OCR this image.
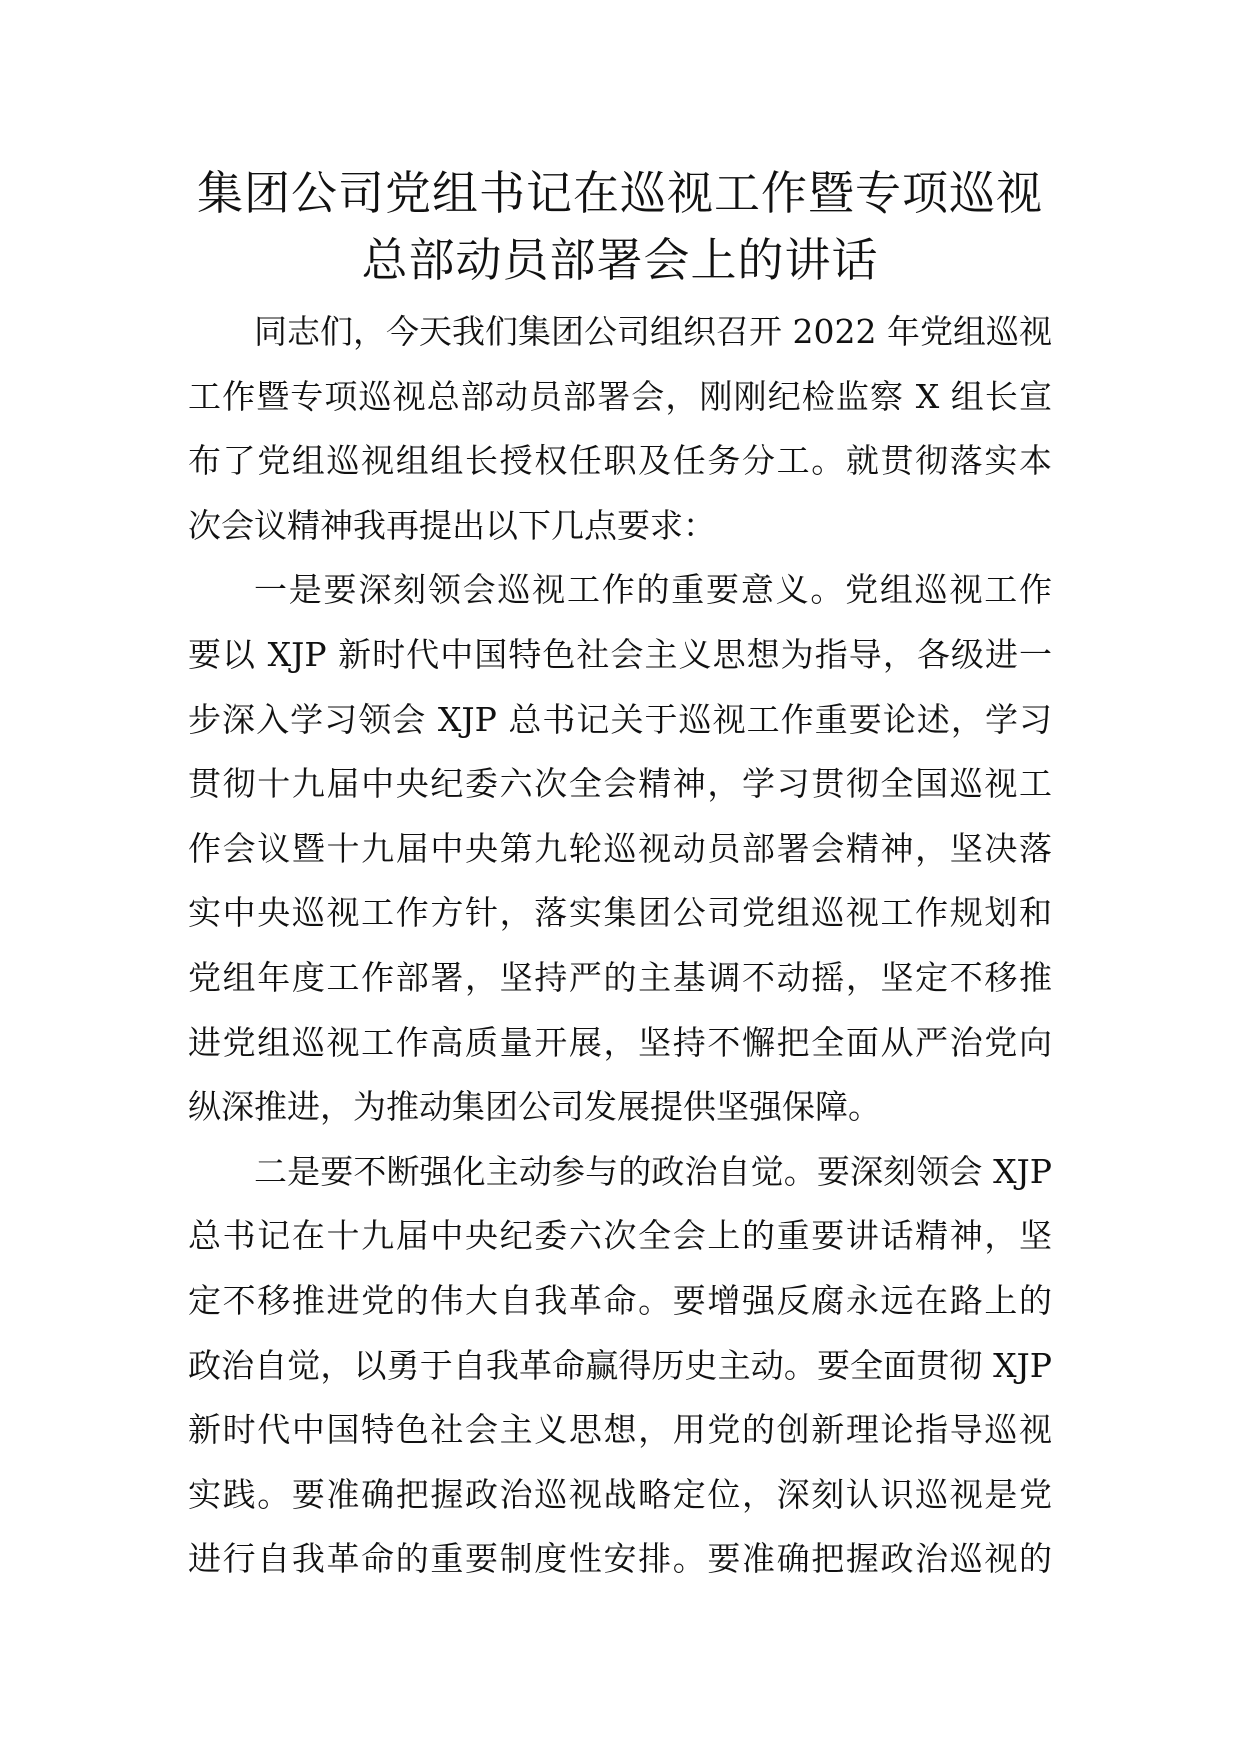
集团公司党组书记在巡视工作暨专项巡视
总部动员部署会上的讲话
同志们，今天我们集团公司组织召开 2022 年党组巡视
工作暨专项巡视总部动员部署会，刚刚纪检监察 X 组长宣
布了党组巡视组组长授权任职及任务分工。就贯彻落实本
次会议精神我再提出以下几点要求：
一是要深刻领会巡视工作的重要意义。党组巡视工作
要以 XJP 新时代中国特色社会主义思想为指导，各级进一
步深入学习领会 XJP 总书记关于巡视工作重要论述，学习
贯彻十九届中央纪委六次全会精神，学习贯彻全国巡视工
作会议暨十九届中央第九轮巡视动员部署会精神，坚决落
实中央巡视工作方针，落实集团公司党组巡视工作规划和
党组年度工作部署，坚持严的主基调不动摇，坚定不移推
进党组巡视工作高质量开展，坚持不懈把全面从严治党向
纵深推进，为推动集团公司发展提供坚强保障。
二是要不断强化主动参与的政治自觉。要深刻领会 XJP
总书记在十九届中央纪委六次全会上的重要讲话精神，坚
定不移推进党的伟大自我革命。要增强反腐永远在路上的
政治自觉，以勇于自我革命赢得历史主动。要全面贯彻 XJP
新时代中国特色社会主义思想，用党的创新理论指导巡视
实践。要准确把握政治巡视战略定位，深刻认识巡视是党
进行自我革命的重要制度性安排。要准确把握政治巡视的
